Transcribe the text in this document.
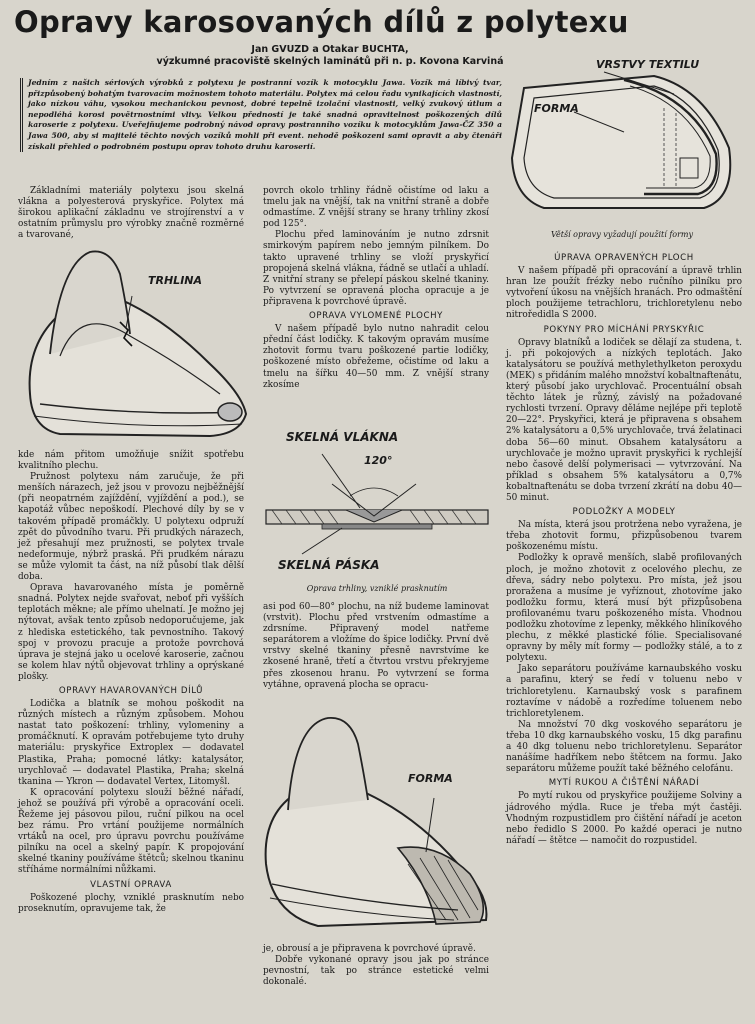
Opravy karosovaných dílů z polytexu
Jan GVUZD a Otakar BUCHTA,
výzkumné pracoviště skelných laminátů při n. p. Kovona Karviná
Jedním z našich sériových výrobků z polytexu je postranní vozík k motocyklu Jawa. Vozík má líbivý tvar, přizpůsobený bohatým tvarovacím možnostem tohoto materiálu. Polytex má celou řadu vynikajících vlastností, jako nízkou váhu, vysokou mechanickou pevnost, dobré tepelně izolační vlastnosti, velký zvukový útlum a nepodléhá korosi povětrnostními vlivy. Velkou předností je také snadná opravitelnost poškozených dílů karoserie z polytexu. Uveřejňujeme podrobný návod opravy postranního vozíku k motocyklům Jawa-ČZ 350 a Jawa 500, aby si majitelé těchto nových vozíků mohli při event. nehodě poškozeni sami opravit a aby čtenáři získali přehled o podrobném postupu oprav tohoto druhu karoserií.
VRSTVY TEXTILU
FORMA
Větší opravy vyžadují použití formy

Základními materiály polytexu jsou skelná vlákna a polyesterová pryskyřice. Polytex má širokou aplikační základnu ve strojírenství a v ostatním průmyslu pro výrobky značně rozměrné a tvarované,

TRHLINA

kde nám přitom umožňuje snížit spotřebu kvalitního plechu.

Pružnost polytexu nám zaručuje, že při menších nárazech, jež jsou v provozu nejběžnější (při neopatrném zajíždění, vyjíždění a pod.), se kapotáž vůbec nepoškodí. Plechové díly by se v takovém případě promáčkly. U polytexu odpruží zpět do původního tvaru. Při prudkých nárazech, jež přesahují mez pružnosti, se polytex trvale nedeformuje, nýbrž praská. Při prudkém nárazu se může vylomit ta část, na níž působí tlak dělší doba.

Oprava havarovaného místa je poměrně snadná. Polytex nejde svařovat, neboť při vyšších teplotách měkne; ale přímo uhelnatí. Je možno jej nýtovat, avšak tento způsob nedoporučujeme, jak z hlediska estetického, tak pevnostního. Takový spoj v provozu pracuje a protože povrchová úprava je stejná jako u ocelové karoserie, začnou se kolem hlav nýtů objevovat trhliny a oprýskané plošky.

OPRAVY HAVAROVANÝCH DÍLŮ

Lodička a blatník se mohou poškodit na různých místech a různým způsobem. Mohou nastat tato poškození: trhliny, vylomeniny a promáčknutí. K opravám potřebujeme tyto druhy materiálu: pryskyřice Extroplex — dodavatel Plastika, Praha; pomocné látky: katalysátor, urychlovač — dodavatel Plastika, Praha; skelná tkanina — Ykron — dodavatel Vertex, Litomyšl.

K opracování polytexu slouží běžné nářadí, jehož se používá při výrobě a opracování oceli. Řežeme jej pásovou pilou, ruční pilkou na ocel bez rámu. Pro vrtání použijeme normálních vrtáků na ocel, pro úpravu povrchu používáme pilníku na ocel a skelný papír. K propojování skelné tkaniny používáme štětců; skelnou tkaninu stříháme normálními nůžkami.

VLASTNÍ OPRAVA

Poškozené plochy, vzniklé prasknutím nebo proseknutím, opravujeme tak, že

povrch okolo trhliny řádně očistíme od laku a tmelu jak na vnější, tak na vnitřní straně a dobře odmastíme. Z vnější strany se hrany trhliny zkosí pod 125°.

Plochu před laminováním je nutno zdrsnit smirkovým papírem nebo jemným pilníkem. Do takto upravené trhliny se vloží pryskyřicí propojená skelná vlákna, řádně se utlačí a uhladí. Z vnitřní strany se přelepí páskou skelné tkaniny. Po vytvrzení se opravená plocha opracuje a je připravena k povrchové úpravě.

OPRAVA VYLOMENÉ PLOCHY

V našem případě bylo nutno nahradit celou přední část lodičky. K takovým opravám musíme zhotovit formu tvaru poškozené partie lodičky, poškozené místo obřežeme, očistíme od laku a tmelu na šířku 40—50 mm. Z vnější strany zkosíme

SKELNÁ VLÁKNA
120°
SKELNÁ PÁSKA
Oprava trhliny, vzniklé prasknutím

asi pod 60—80° plochu, na níž budeme laminovat (vrstvit). Plochu před vrstvením odmastíme a zdrsníme. Připravený model natřeme separátorem a vložíme do špice lodičky. První dvě vrstvy skelné tkaniny přesně navrstvíme ke zkosené hraně, třetí a čtvrtou vrstvu překryjeme přes zkosenou hranu. Po vytvrzení se forma vytáhne, opravená plocha se opracu-

FORMA

je, obrousí a je připravena k povrchové úpravě.

Dobře vykonané opravy jsou jak po stránce pevnostní, tak po stránce estetické velmi dokonalé.

ÚPRAVA OPRAVENÝCH PLOCH

V našem případě při opracování a úpravě trhlin hran lze použít frézky nebo ručního pilníku pro vytvoření úkosu na vnějších hranách. Pro odmaštění ploch použijeme tetrachloru, trichloretylenu nebo nitroředidla S 2000.

POKYNY PRO MÍCHÁNÍ PRYSKYŘIC

Opravy blatníků a lodiček se dělají za studena, t. j. při pokojových a nízkých teplotách. Jako katalysátoru se používá methylethylketon peroxydu (MEK) s přidáním malého množství kobaltnaftenátu, který působí jako urychlovač. Procentuální obsah těchto látek je různý, závislý na požadované rychlosti tvrzení. Opravy děláme nejlépe při teplotě 20—22°. Pryskyřici, která je připravena s obsahem 2% katalysátoru a 0,5% urychlovače, trvá želatinaci doba 56—60 minut. Obsahem katalysátoru a urychlovače je možno upravit pryskyřici k rychlejší nebo časově delší polymerisaci — vytvrzování. Na příklad s obsahem 5% katalysátoru a 0,7% kobaltnaftenátu se doba tvrzení zkrátí na dobu 40—50 minut.

PODLOŽKY A MODELY

Na místa, která jsou protržena nebo vyražena, je třeba zhotovit formu, přizpůsobenou tvarem poškozenému místu.

Podložky k opravě menších, slabě profilovaných ploch, je možno zhotovit z ocelového plechu, ze dřeva, sádry nebo polytexu. Pro místa, jež jsou proražena a musíme je vyříznout, zhotovíme jako podložku formu, která musí být přizpůsobena profilovanému tvaru poškozeného místa. Vhodnou podložku zhotovíme z lepenky, měkkého hliníkového plechu, z měkké plastické fólie. Specialisované opravny by měly mít formy — podložky stálé, a to z polytexu.

Jako separátoru používáme karnaubského vosku a parafinu, který se ředí v toluenu nebo v trichloretylenu. Karnaubský vosk s parafinem roztavíme v nádobě a rozředíme toluenem nebo trichloretylenem.

Na množství 70 dkg voskového separátoru je třeba 10 dkg karnaubského vosku, 15 dkg parafinu a 40 dkg toluenu nebo trichloretylenu. Separátor nanášíme hadříkem nebo štětcem na formu. Jako separátoru můžeme použít také běžného celofánu.

MYTÍ RUKOU A ČIŠTĚNÍ NÁŘADÍ

Po mytí rukou od pryskyřice použijeme Solviny a jádrového mýdla. Ruce je třeba mýt častěji. Vhodným rozpustidlem pro čištění nářadí je aceton nebo ředidlo S 2000. Po každé operaci je nutno nářadí — štětce — namočit do rozpustidel.
